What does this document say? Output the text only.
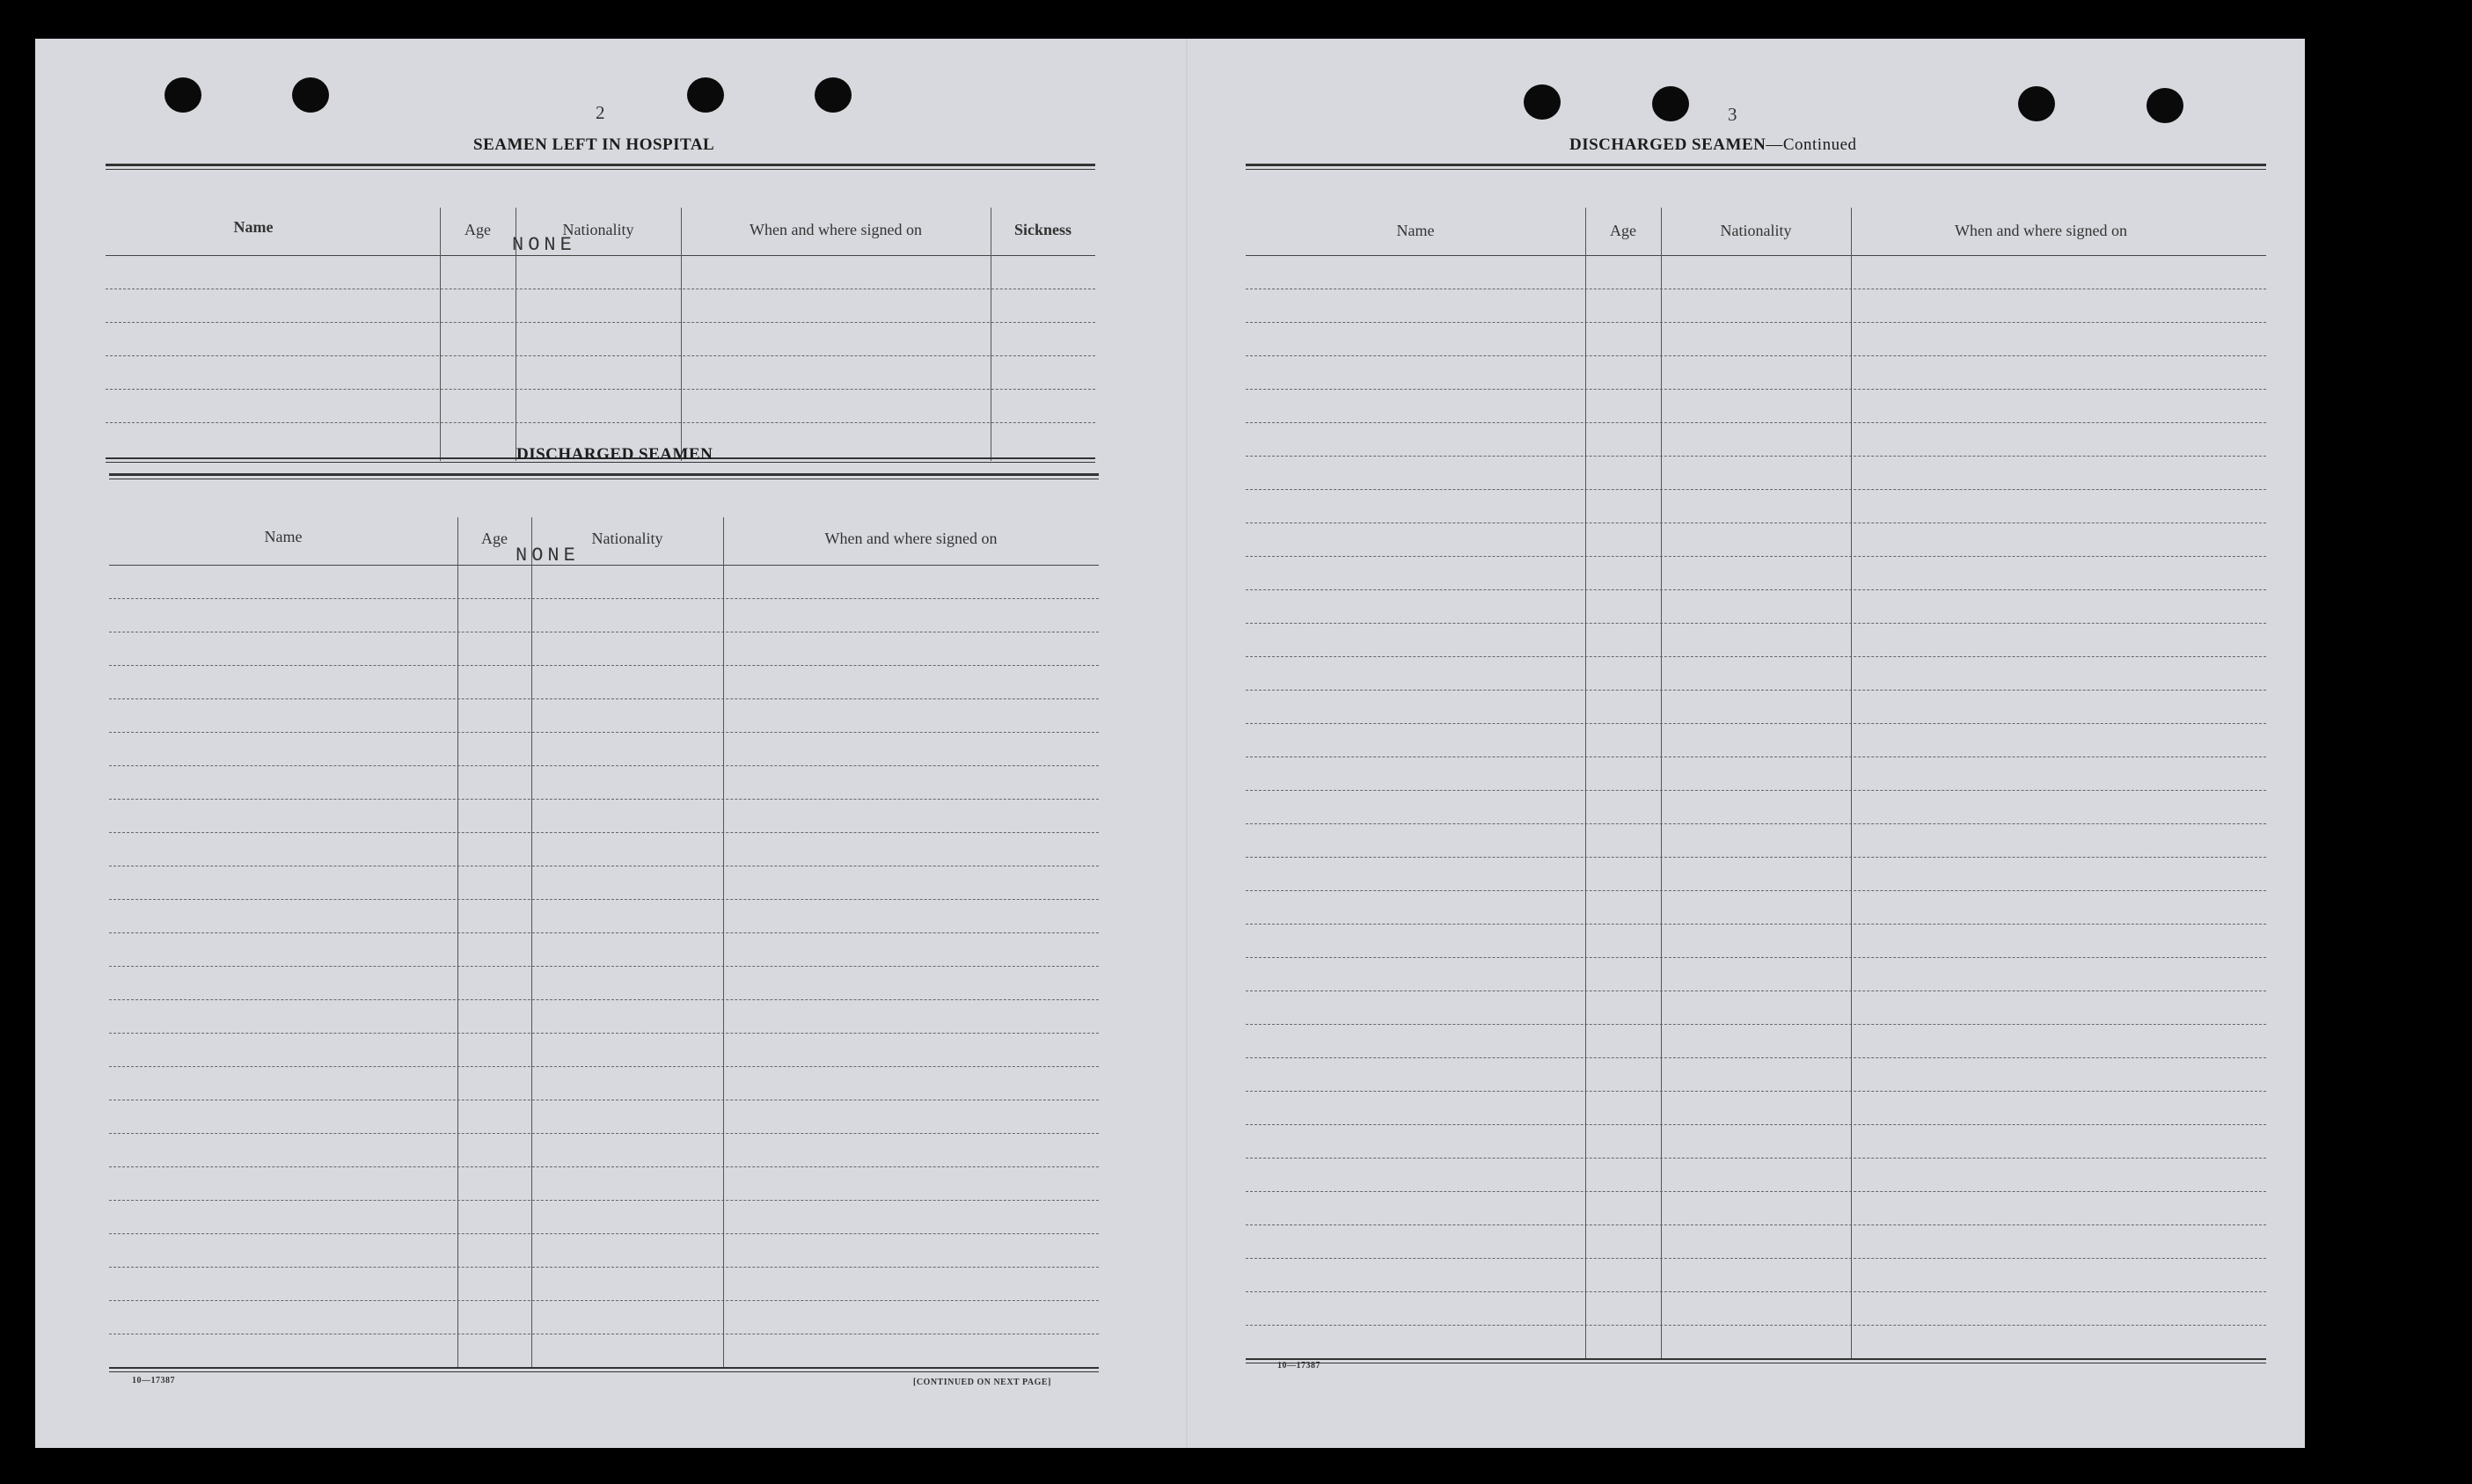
2
SEAMEN LEFT IN HOSPITAL
Name	Age	Nationality	When and where signed on	Sickness
NONE
DISCHARGED SEAMEN
Name	Age	Nationality	When and where signed on
NONE
10—17387	[CONTINUED ON NEXT PAGE]
3
DISCHARGED SEAMEN—Continued
Name	Age	Nationality	When and where signed on
10—17387
